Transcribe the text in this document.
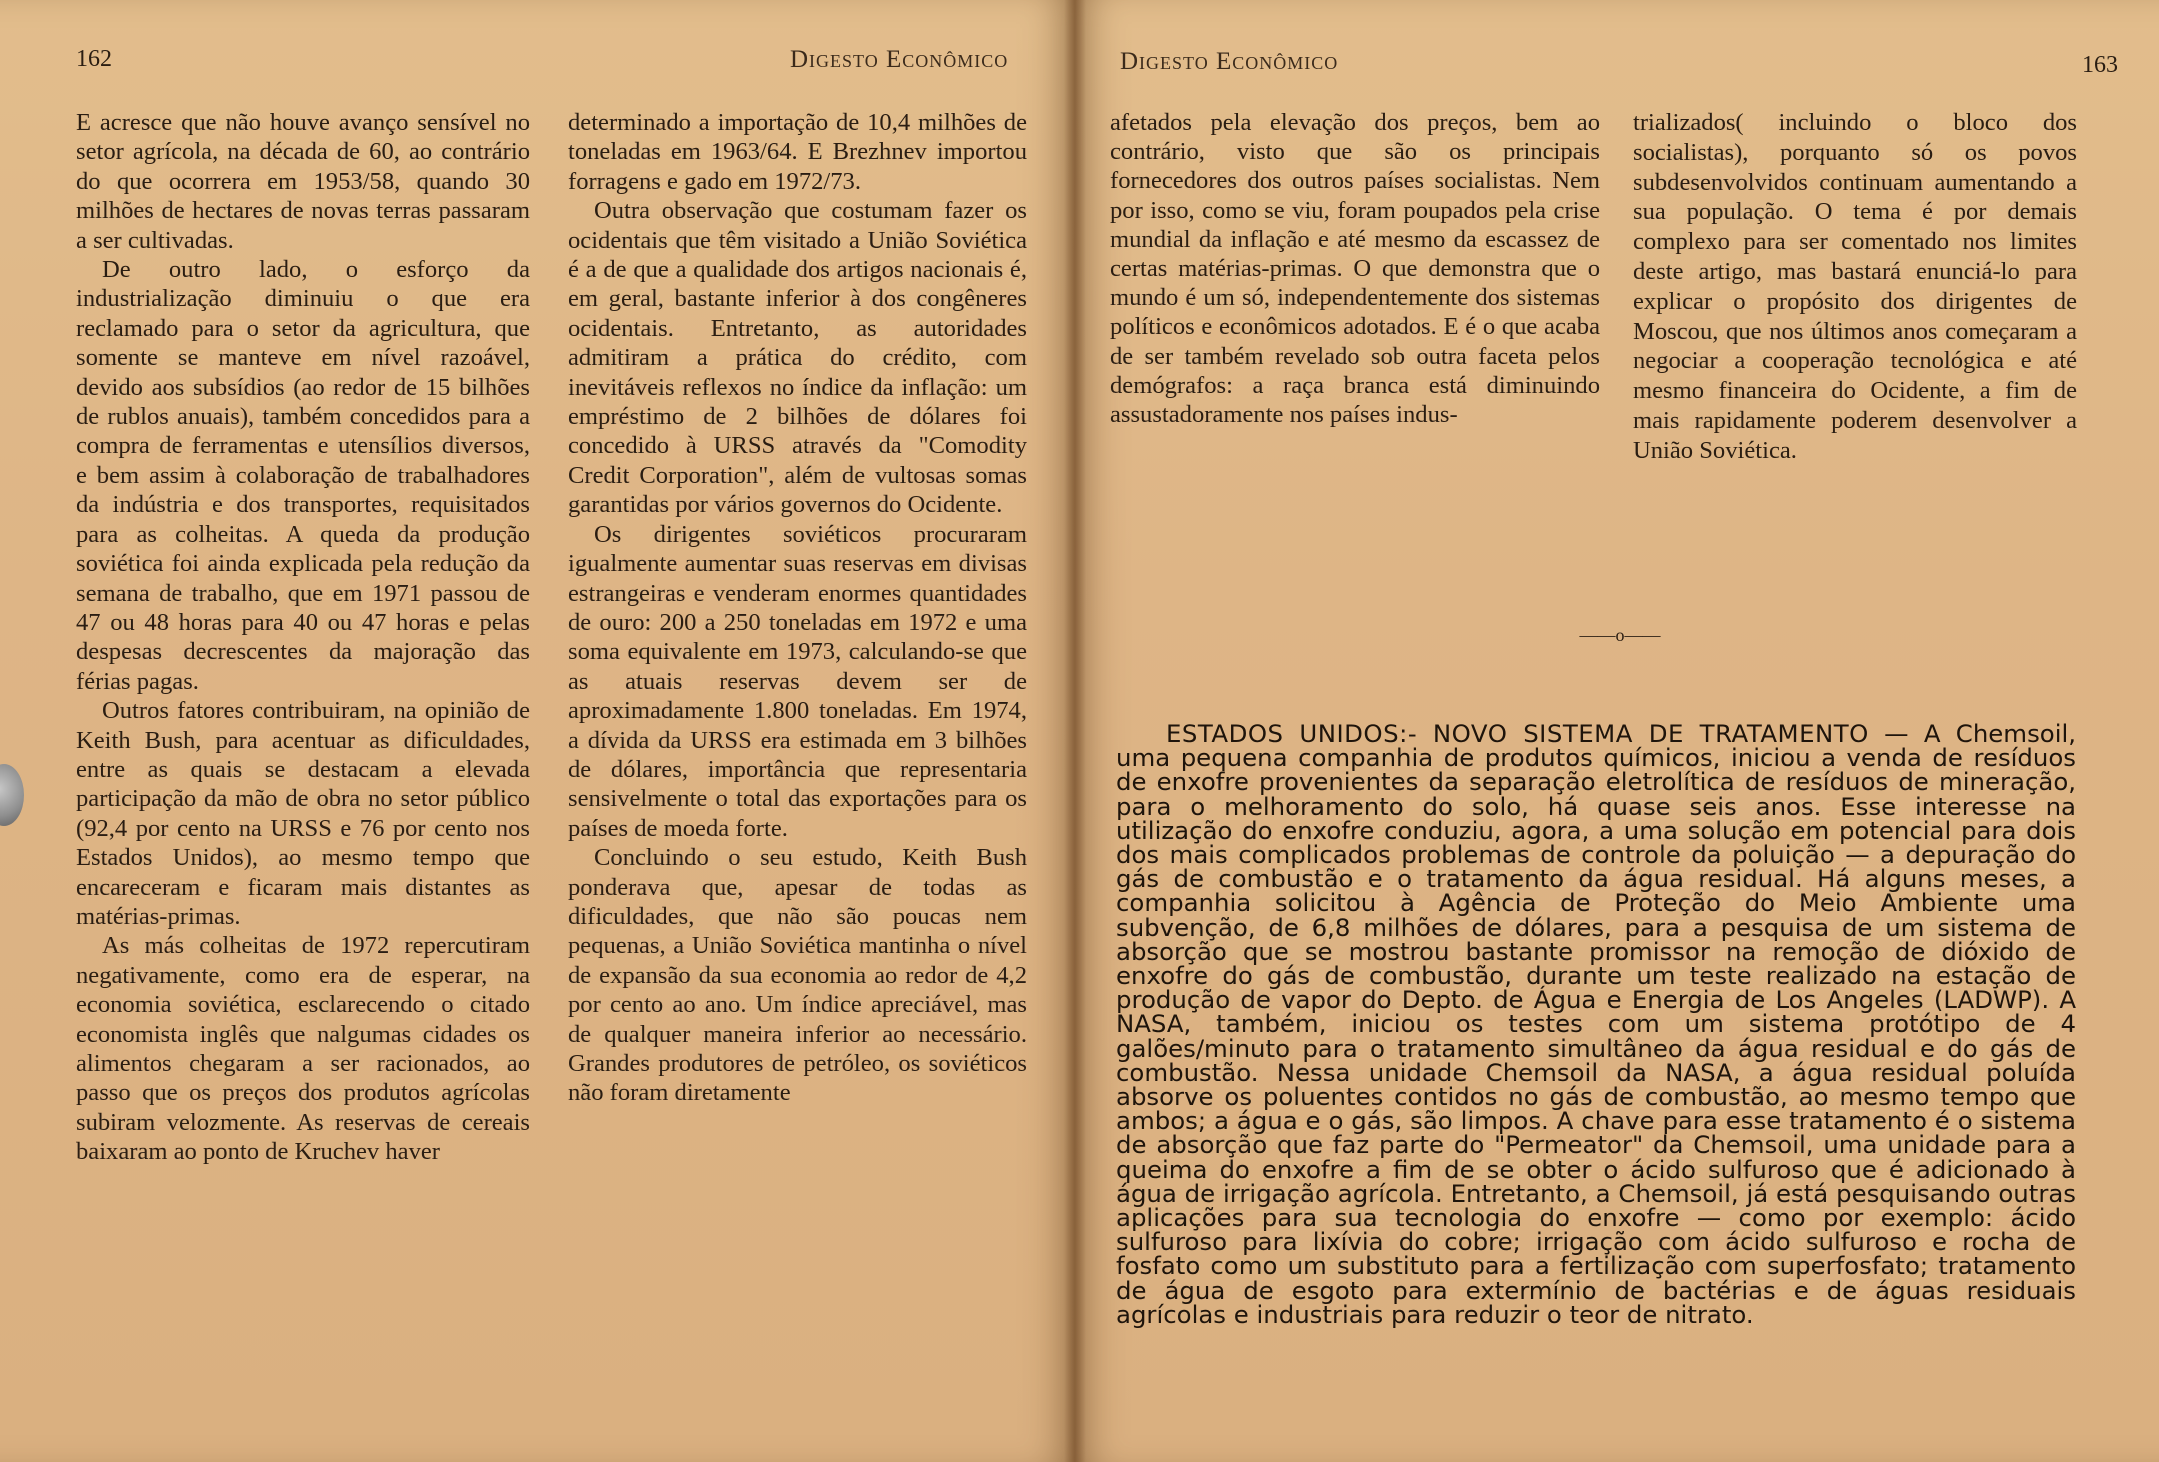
162	Digesto Econômico

E acresce que não houve avanço sensível no setor agrícola, na década de 60, ao contrário do que ocorrera em 1953/58, quando 30 milhões de hectares de novas terras passaram a ser cultivadas.

De outro lado, o esforço da industrialização diminuiu o que era reclamado para o setor da agricultura, que somente se manteve em nível razoável, devido aos subsídios (ao redor de 15 bilhões de rublos anuais), também concedidos para a compra de ferramentas e utensílios diversos, e bem assim à colaboração de trabalhadores da indústria e dos transportes, requisitados para as colheitas. A queda da produção soviética foi ainda explicada pela redução da semana de trabalho, que em 1971 passou de 47 ou 48 horas para 40 ou 47 horas e pelas despesas decrescentes da majoração das férias pagas.

Outros fatores contribuiram, na opinião de Keith Bush, para acentuar as dificuldades, entre as quais se destacam a elevada participação da mão de obra no setor público (92,4 por cento na URSS e 76 por cento nos Estados Unidos), ao mesmo tempo que encareceram e ficaram mais distantes as matérias-primas.

As más colheitas de 1972 repercutiram negativamente, como era de esperar, na economia soviética, esclarecendo o citado economista inglês que nalgumas cidades os alimentos chegaram a ser racionados, ao passo que os preços dos produtos agrícolas subiram velozmente. As reservas de cereais baixaram ao ponto de Kruchev haver

determinado a importação de 10,4 milhões de toneladas em 1963/64. E Brezhnev importou forragens e gado em 1972/73.

Outra observação que costumam fazer os ocidentais que têm visitado a União Soviética é a de que a qualidade dos artigos nacionais é, em geral, bastante inferior à dos congêneres ocidentais. Entretanto, as autoridades admitiram a prática do crédito, com inevitáveis reflexos no índice da inflação: um empréstimo de 2 bilhões de dólares foi concedido à URSS através da "Comodity Credit Corporation", além de vultosas somas garantidas por vários governos do Ocidente.

Os dirigentes soviéticos procuraram igualmente aumentar suas reservas em divisas estrangeiras e venderam enormes quantidades de ouro: 200 a 250 toneladas em 1972 e uma soma equivalente em 1973, calculando-se que as atuais reservas devem ser de aproximadamente 1.800 toneladas. Em 1974, a dívida da URSS era estimada em 3 bilhões de dólares, importância que representaria sensivelmente o total das exportações para os países de moeda forte.

Concluindo o seu estudo, Keith Bush ponderava que, apesar de todas as dificuldades, que não são poucas nem pequenas, a União Soviética mantinha o nível de expansão da sua economia ao redor de 4,2 por cento ao ano. Um índice apreciável, mas de qualquer maneira inferior ao necessário. Grandes produtores de petróleo, os soviéticos não foram diretamente

Digesto Econômico	163

afetados pela elevação dos preços, bem ao contrário, visto que são os principais fornecedores dos outros países socialistas. Nem por isso, como se viu, foram poupados pela crise mundial da inflação e até mesmo da escassez de certas matérias-primas. O que demonstra que o mundo é um só, independentemente dos sistemas políticos e econômicos adotados. E é o que acaba de ser também revelado sob outra faceta pelos demógrafos: a raça branca está diminuindo assustadoramente nos países indus-

trializados( incluindo o bloco dos socialistas), porquanto só os povos subdesenvolvidos continuam aumentando a sua população. O tema é por demais complexo para ser comentado nos limites deste artigo, mas bastará enunciá-lo para explicar o propósito dos dirigentes de Moscou, que nos últimos anos começaram a negociar a cooperação tecnológica e até mesmo financeira do Ocidente, a fim de mais rapidamente poderem desenvolver a União Soviética.

——o——

ESTADOS UNIDOS:- NOVO SISTEMA DE TRATAMENTO — A Chemsoil, uma pequena companhia de produtos químicos, iniciou a venda de resíduos de enxofre provenientes da separação eletrolítica de resíduos de mineração, para o melhoramento do solo, há quase seis anos. Esse interesse na utilização do enxofre conduziu, agora, a uma solução em potencial para dois dos mais complicados problemas de controle da poluição — a depuração do gás de combustão e o tratamento da água residual. Há alguns meses, a companhia solicitou à Agência de Proteção do Meio Ambiente uma subvenção, de 6,8 milhões de dólares, para a pesquisa de um sistema de absorção que se mostrou bastante promissor na remoção de dióxido de enxofre do gás de combustão, durante um teste realizado na estação de produção de vapor do Depto. de Água e Energia de Los Angeles (LADWP). A NASA, também, iniciou os testes com um sistema protótipo de 4 galões/minuto para o tratamento simultâneo da água residual e do gás de combustão. Nessa unidade Chemsoil da NASA, a água residual poluída absorve os poluentes contidos no gás de combustão, ao mesmo tempo que ambos; a água e o gás, são limpos. A chave para esse tratamento é o sistema de absorção que faz parte do "Permeator" da Chemsoil, uma unidade para a queima do enxofre a fim de se obter o ácido sulfuroso que é adicionado à água de irrigação agrícola. Entretanto, a Chemsoil, já está pesquisando outras aplicações para sua tecnologia do enxofre — como por exemplo: ácido sulfuroso para lixívia do cobre; irrigação com ácido sulfuroso e rocha de fosfato como um substituto para a fertilização com superfosfato; tratamento de água de esgoto para extermínio de bactérias e de águas residuais agrícolas e industriais para reduzir o teor de nitrato.
